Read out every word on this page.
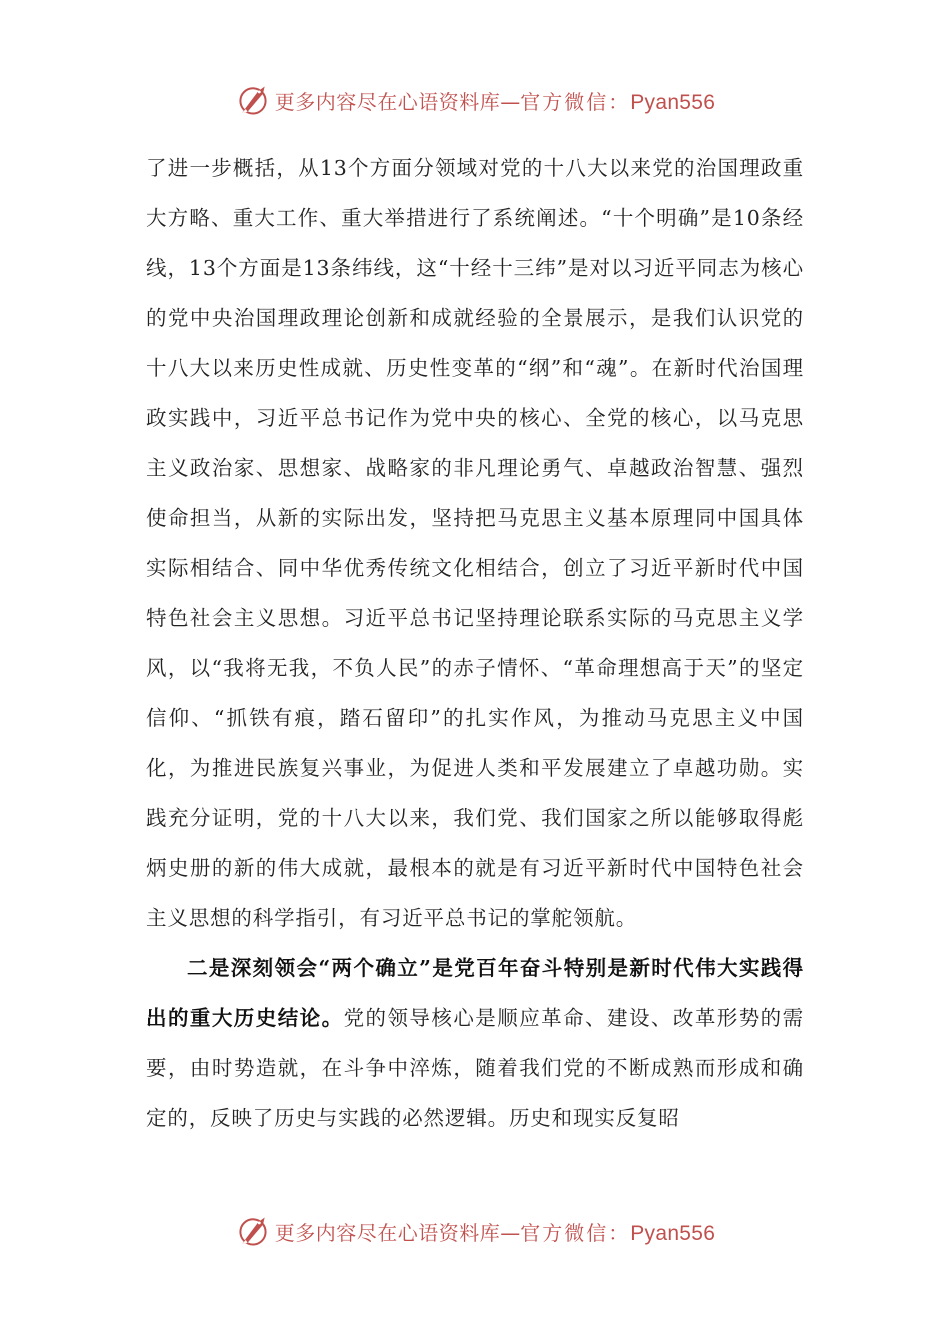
更多内容尽在心语资料库 — 官方微信： Pyan556

了进一步概括，从13个方面分领域对党的十八大以来党的治国理政重大方略、重大工作、重大举措进行了系统阐述。“十个明确”是10条经线，13个方面是13条纬线，这“十经十三纬”是对以习近平同志为核心的党中央治国理政理论创新和成就经验的全景展示，是我们认识党的十八大以来历史性成就、历史性变革的“纲”和“魂”。在新时代治国理政实践中，习近平总书记作为党中央的核心、全党的核心，以马克思主义政治家、思想家、战略家的非凡理论勇气、卓越政治智慧、强烈使命担当，从新的实际出发，坚持把马克思主义基本原理同中国具体实际相结合、同中华优秀传统文化相结合，创立了习近平新时代中国特色社会主义思想。习近平总书记坚持理论联系实际的马克思主义学风，以“我将无我，不负人民”的赤子情怀、“革命理想高于天”的坚定信仰、“抓铁有痕，踏石留印”的扎实作风，为推动马克思主义中国化，为推进民族复兴事业，为促进人类和平发展建立了卓越功勋。实践充分证明，党的十八大以来，我们党、我们国家之所以能够取得彪炳史册的新的伟大成就，最根本的就是有习近平新时代中国特色社会主义思想的科学指引，有习近平总书记的掌舵领航。

二是深刻领会“两个确立”是党百年奋斗特别是新时代伟大实践得出的重大历史结论。党的领导核心是顺应革命、建设、改革形势的需要，由时势造就，在斗争中淬炼，随着我们党的不断成熟而形成和确定的，反映了历史与实践的必然逻辑。历史和现实反复昭

更多内容尽在心语资料库 — 官方微信： Pyan556
